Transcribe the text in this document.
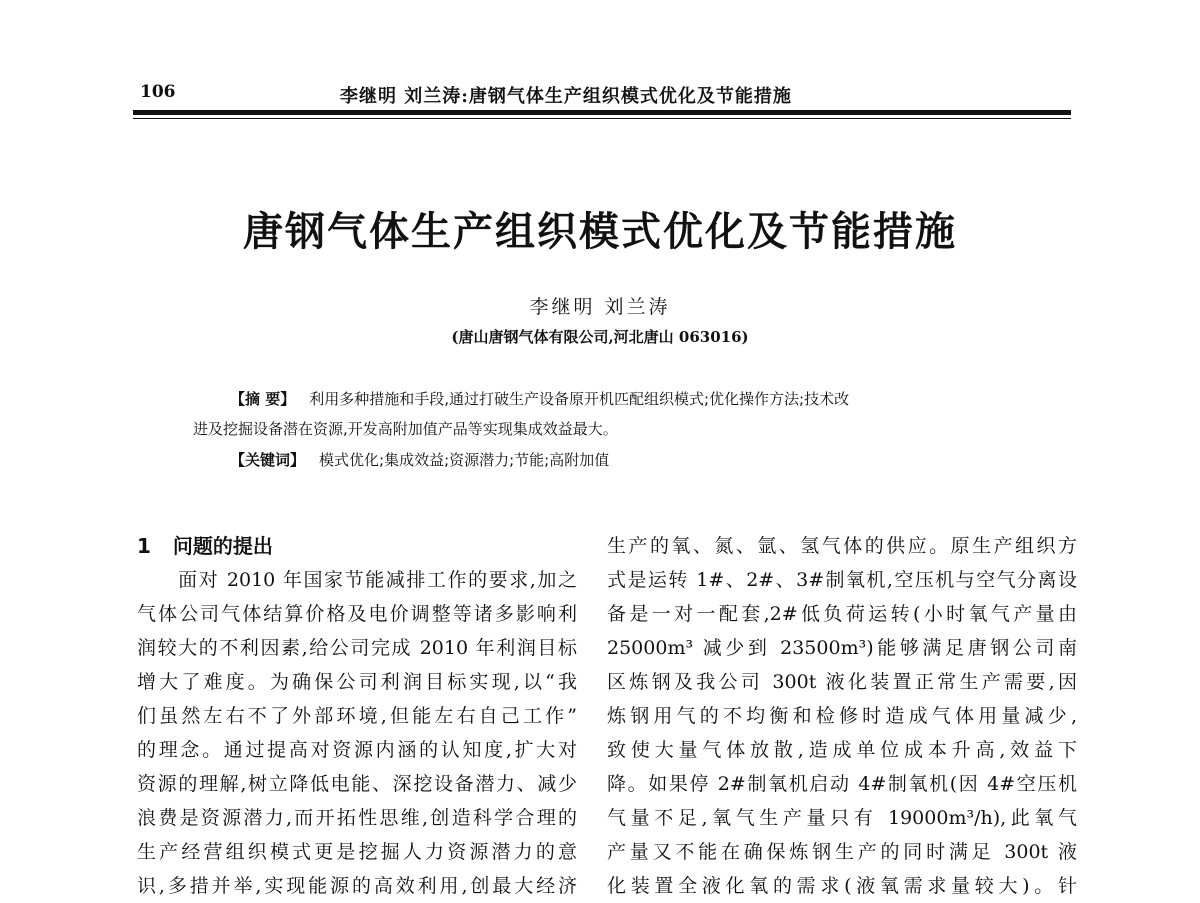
106	李继明 刘兰涛:唐钢气体生产组织模式优化及节能措施
唐钢气体生产组织模式优化及节能措施
李继明 刘兰涛
(唐山唐钢气体有限公司,河北唐山 063016)
【摘 要】 利用多种措施和手段,通过打破生产设备原开机匹配组织模式;优化操作方法;技术改
进及挖掘设备潜在资源,开发高附加值产品等实现集成效益最大。
【关键词】 模式优化;集成效益;资源潜力;节能;高附加值
1 问题的提出
　　面对 2010 年国家节能减排工作的要求,加之
气体公司气体结算价格及电价调整等诸多影响利
润较大的不利因素,给公司完成 2010 年利润目标
增大了难度。为确保公司利润目标实现,以“我
们虽然左右不了外部环境,但能左右自己工作”
的理念。通过提高对资源内涵的认知度,扩大对
资源的理解,树立降低电能、深挖设备潜力、减少
浪费是资源潜力,而开拓性思维,创造科学合理的
生产经营组织模式更是挖掘人力资源潜力的意
识,多措并举,实现能源的高效利用,创最大经济
生产的氧、氮、氩、氢气体的供应。原生产组织方
式是运转 1#、2#、3#制氧机,空压机与空气分离设
备是一对一配套,2#低负荷运转(小时氧气产量由
25000m³ 减少到 23500m³)能够满足唐钢公司南
区炼钢及我公司 300t 液化装置正常生产需要,因
炼钢用气的不均衡和检修时造成气体用量减少,
致使大量气体放散,造成单位成本升高,效益下
降。如果停 2#制氧机启动 4#制氧机(因 4#空压机
气量不足,氧气生产量只有 19000m³/h),此氧气
产量又不能在确保炼钢生产的同时满足 300t 液
化装置全液化氧的需求(液氧需求量较大)。针
